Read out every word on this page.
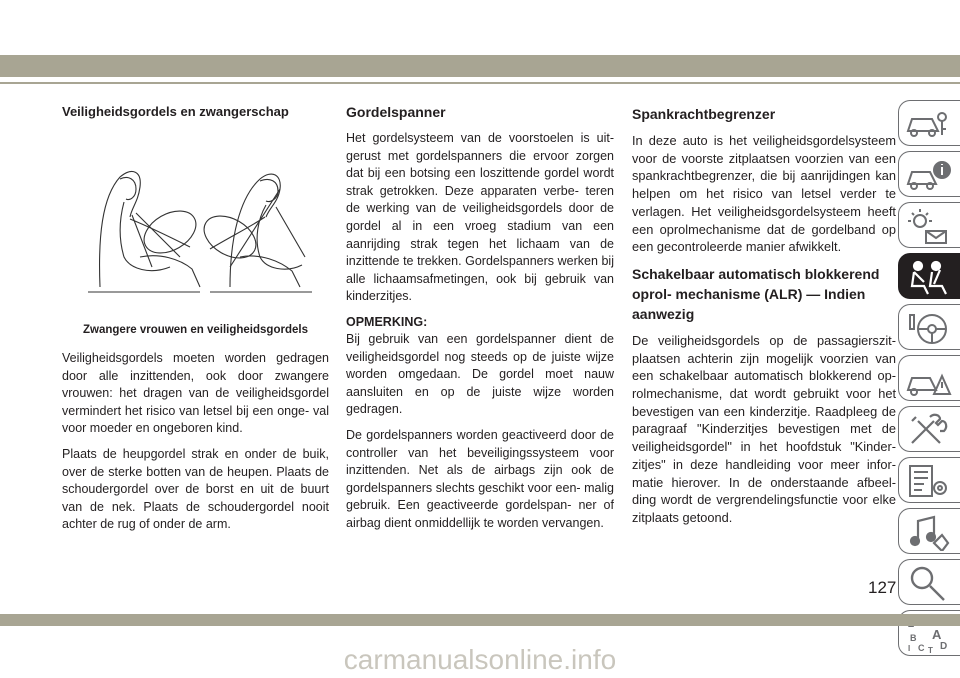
Veiligheidsgordels en zwangerschap
Zwangere vrouwen en veiligheidsgordels

Veiligheidsgordels moeten worden gedragen door alle inzittenden, ook door zwangere vrouwen: het dragen van de veiligheidsgordel vermindert het risico van letsel bij een onge- val voor moeder en ongeboren kind.

Plaats de heupgordel strak en onder de buik, over de sterke botten van de heupen. Plaats de schoudergordel over de borst en uit de buurt van de nek. Plaats de schoudergordel nooit achter de rug of onder de arm.

Gordelspanner

Het gordelsysteem van de voorstoelen is uit- gerust met gordelspanners die ervoor zorgen dat bij een botsing een loszittende gordel wordt strak getrokken. Deze apparaten verbe- teren de werking van de veiligheidsgordels door de gordel al in een vroeg stadium van een aanrijding strak tegen het lichaam van de inzittende te trekken. Gordelspanners werken bij alle lichaamsafmetingen, ook bij gebruik van kinderzitjes.

OPMERKING:

Bij gebruik van een gordelspanner dient de veiligheidsgordel nog steeds op de juiste wijze worden omgedaan. De gordel moet nauw aansluiten en op de juiste wijze worden gedragen.

De gordelspanners worden geactiveerd door de controller van het beveiligingssysteem voor inzittenden. Net als de airbags zijn ook de gordelspanners slechts geschikt voor een- malig gebruik. Een geactiveerde gordelspan- ner of airbag dient onmiddellijk te worden vervangen.

Spankrachtbegrenzer

In deze auto is het veiligheidsgordelsysteem voor de voorste zitplaatsen voorzien van een spankrachtbegrenzer, die bij aanrijdingen kan helpen om het risico van letsel verder te verlagen. Het veiligheidsgordelsysteem heeft een oprolmechanisme dat de gordelband op een gecontroleerde manier afwikkelt.

Schakelbaar automatisch blokkerend oprol- mechanisme (ALR) — Indien aanwezig

De veiligheidsgordels op de passagierszit- plaatsen achterin zijn mogelijk voorzien van een schakelbaar automatisch blokkerend op- rolmechanisme, dat wordt gebruikt voor het bevestigen van een kinderzitje. Raadpleeg de paragraaf "Kinderzitjes bevestigen met de veiligheidsgordel" in het hoofdstuk "Kinder- zitjes" in deze handleiding voor meer infor- matie hierover. In de onderstaande afbeel- ding wordt de vergrendelingsfunctie voor elke zitplaats getoond.

B A
C D
T
I
127
carmanualsonline.info
